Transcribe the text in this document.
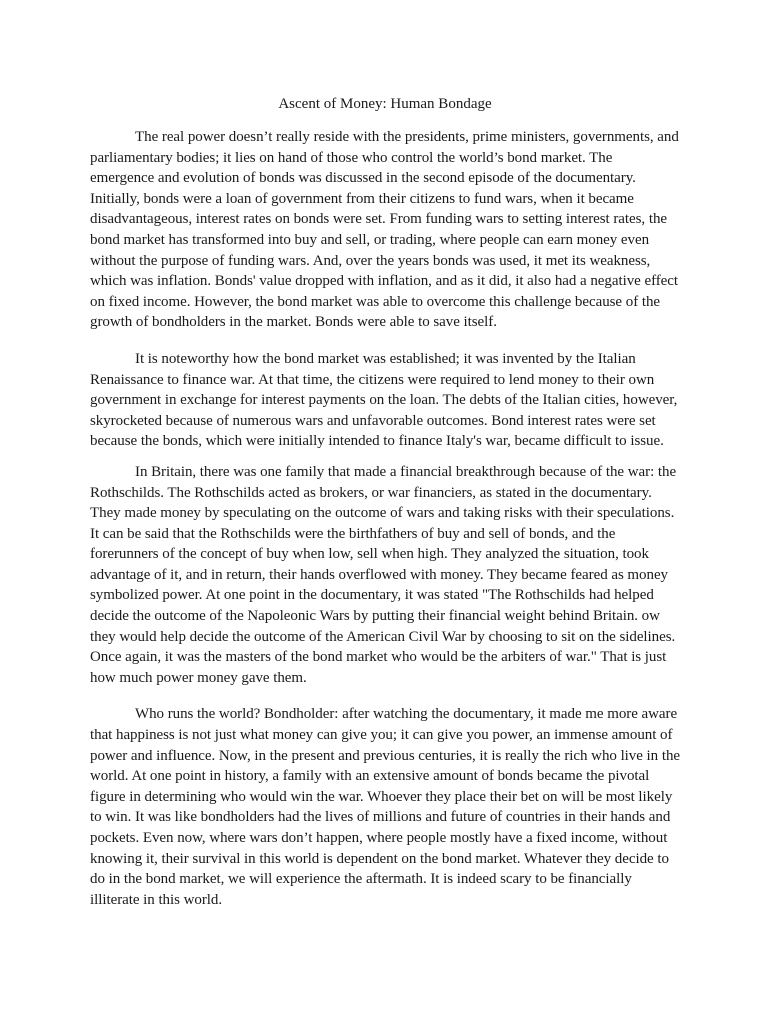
Ascent of Money: Human Bondage

The real power doesn’t really reside with the presidents, prime ministers, governments, and parliamentary bodies; it lies on hand of those who control the world’s bond market. The emergence and evolution of bonds was discussed in the second episode of the documentary. Initially, bonds were a loan of government from their citizens to fund wars, when it became disadvantageous, interest rates on bonds were set. From funding wars to setting interest rates, the bond market has transformed into buy and sell, or trading, where people can earn money even without the purpose of funding wars. And, over the years bonds was used, it met its weakness, which was inflation. Bonds' value dropped with inflation, and as it did, it also had a negative effect on fixed income. However, the bond market was able to overcome this challenge because of the growth of bondholders in the market. Bonds were able to save itself.

It is noteworthy how the bond market was established; it was invented by the Italian Renaissance to finance war. At that time, the citizens were required to lend money to their own government in exchange for interest payments on the loan. The debts of the Italian cities, however, skyrocketed because of numerous wars and unfavorable outcomes. Bond interest rates were set because the bonds, which were initially intended to finance Italy's war, became difficult to issue.

In Britain, there was one family that made a financial breakthrough because of the war: the Rothschilds. The Rothschilds acted as brokers, or war financiers, as stated in the documentary. They made money by speculating on the outcome of wars and taking risks with their speculations. It can be said that the Rothschilds were the birthfathers of buy and sell of bonds, and the forerunners of the concept of buy when low, sell when high. They analyzed the situation, took advantage of it, and in return, their hands overflowed with money. They became feared as money symbolized power. At one point in the documentary, it was stated "The Rothschilds had helped decide the outcome of the Napoleonic Wars by putting their financial weight behind Britain. ow they would help decide the outcome of the American Civil War by choosing to sit on the sidelines. Once again, it was the masters of the bond market who would be the arbiters of war." That is just how much power money gave them.

Who runs the world? Bondholder: after watching the documentary, it made me more aware that happiness is not just what money can give you; it can give you power, an immense amount of power and influence. Now, in the present and previous centuries, it is really the rich who live in the world. At one point in history, a family with an extensive amount of bonds became the pivotal figure in determining who would win the war. Whoever they place their bet on will be most likely to win. It was like bondholders had the lives of millions and future of countries in their hands and pockets. Even now, where wars don’t happen, where people mostly have a fixed income, without knowing it, their survival in this world is dependent on the bond market. Whatever they decide to do in the bond market, we will experience the aftermath. It is indeed scary to be financially illiterate in this world.
